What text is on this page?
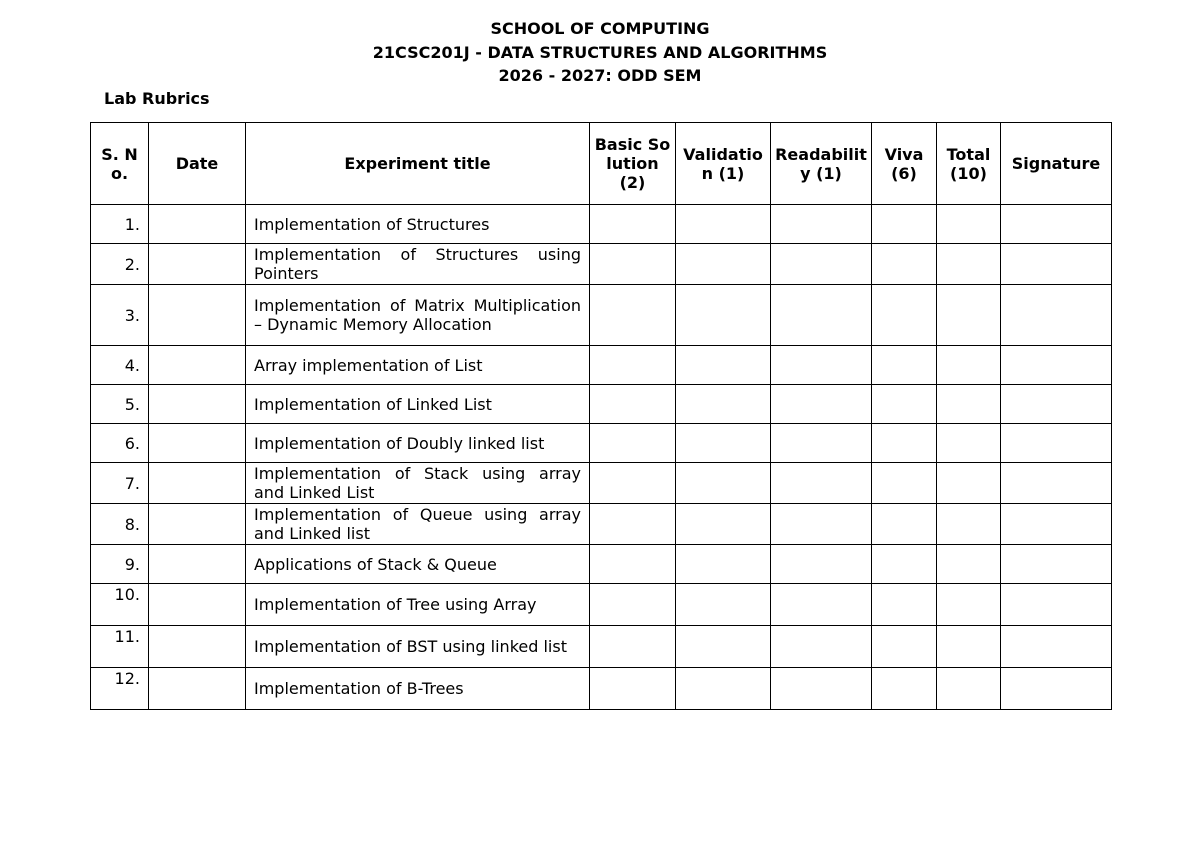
SCHOOL OF COMPUTING
21CSC201J - DATA STRUCTURES AND ALGORITHMS
2026 - 2027: ODD SEM
Lab Rubrics
S. No.	Date	Experiment title	Basic Solution (2)	Validation (1)	Readability (1)	Viva (6)	Total (10)	Signature
1.		Implementation of Structures						
2.		Implementation of Structures using Pointers						
3.		Implementation of Matrix Multiplication – Dynamic Memory Allocation						
4.		Array implementation of List						
5.		Implementation of Linked List						
6.		Implementation of Doubly linked list						
7.		Implementation of Stack using array and Linked List						
8.		Implementation of Queue using array and Linked list						
9.		Applications of Stack & Queue						
10.		Implementation of Tree using Array						
11.		Implementation of BST using linked list						
12.		Implementation of B-Trees						
